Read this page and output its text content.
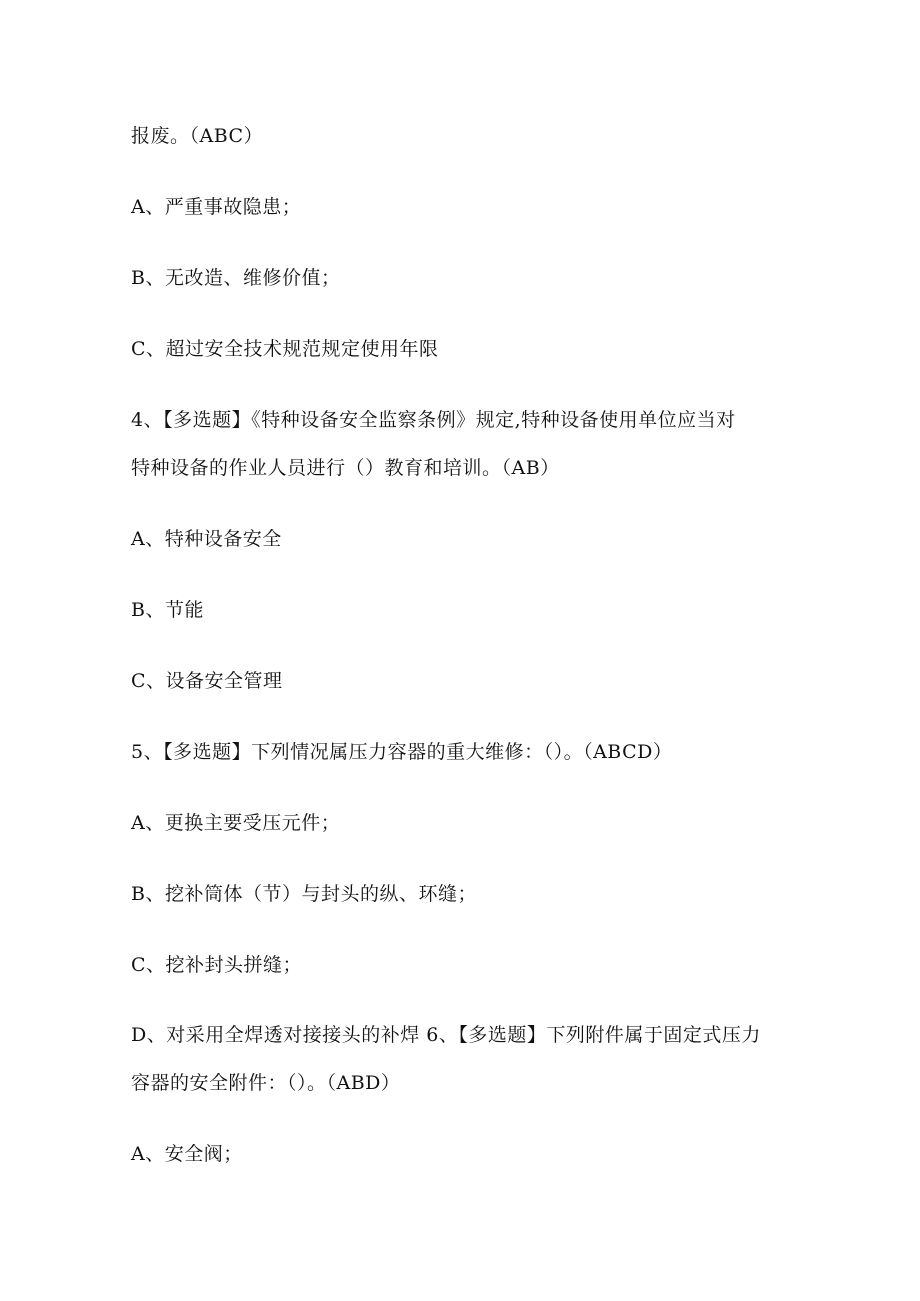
报废。（ABC）
A、严重事故隐患；
B、无改造、维修价值；
C、超过安全技术规范规定使用年限
4、【多选题】《特种设备安全监察条例》规定,特种设备使用单位应当对
特种设备的作业人员进行（）教育和培训。（AB）
A、特种设备安全
B、节能
C、设备安全管理
5、【多选题】下列情况属压力容器的重大维修：（）。（ABCD）
A、更换主要受压元件；
B、挖补筒体（节）与封头的纵、环缝；
C、挖补封头拼缝；
D、对采用全焊透对接接头的补焊 6、【多选题】下列附件属于固定式压力
容器的安全附件：（）。（ABD）
A、安全阀；
